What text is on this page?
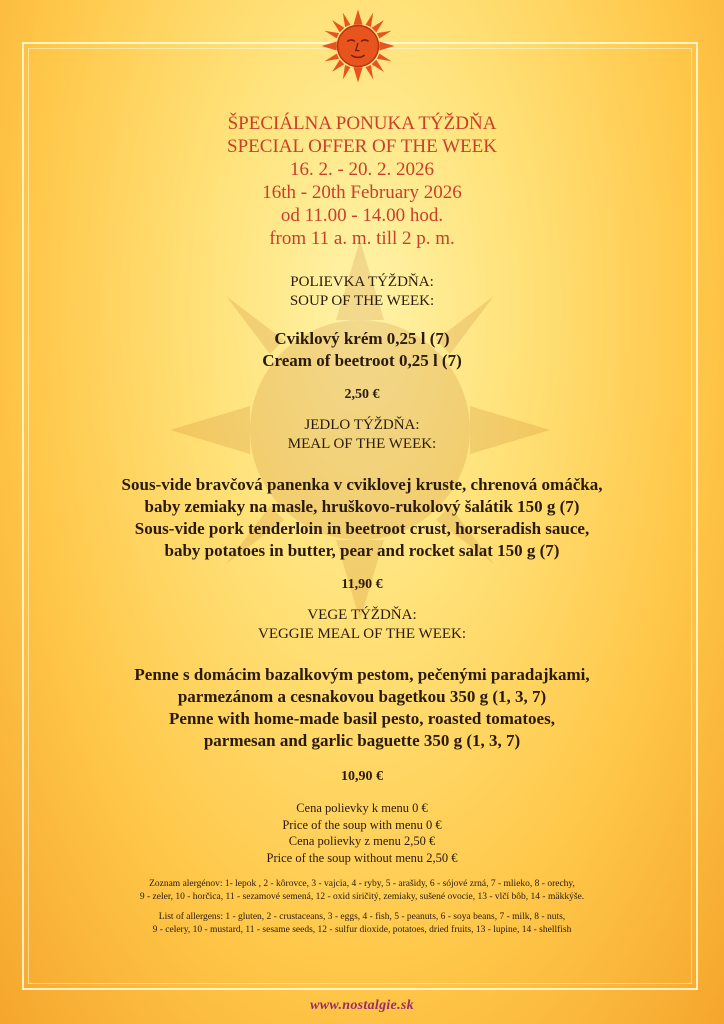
ŠPECIÁLNA PONUKA TÝŽDŇA
SPECIAL OFFER OF THE WEEK
16. 2. - 20. 2. 2026
16th - 20th February 2026
od 11.00 - 14.00 hod.
from 11 a. m. till 2 p. m.
POLIEVKA TÝŽDŇA:
SOUP OF THE WEEK:
Cviklový krém 0,25 l (7)
Cream of beetroot 0,25 l (7)
2,50 €
JEDLO TÝŽDŇA:
MEAL OF THE WEEK:
Sous-vide bravčová panenka v cviklovej kruste, chrenová omáčka,
baby zemiaky na masle, hruškovo-rukolový šalátik 150 g (7)
Sous-vide pork tenderloin in beetroot crust, horseradish sauce,
baby potatoes in butter, pear and rocket salat 150 g (7)
11,90 €
VEGE TÝŽDŇA:
VEGGIE MEAL OF THE WEEK:
Penne s domácim bazalkovým pestom, pečenými paradajkami,
parmezánom a cesnakovou bagetkou 350 g (1, 3, 7)
Penne with home-made basil pesto, roasted tomatoes,
parmesan and garlic baguette 350 g (1, 3, 7)
10,90 €
Cena polievky k menu 0 €
Price of the soup with menu 0 €
Cena polievky z menu 2,50 €
Price of the soup without menu 2,50 €
Zoznam alergénov: 1- lepok , 2 - kôrovce, 3 - vajcia, 4 - ryby, 5 - arašidy, 6 - sójové zrná, 7 - mlieko, 8 - orechy,
9 - zeler, 10 - horčica, 11 - sezamové semená, 12 - oxid siričitý, zemiaky, sušené ovocie, 13 - vlčí bôb, 14 - mäkkýše.
List of allergens: 1 - gluten, 2 - crustaceans, 3 - eggs, 4 - fish, 5 - peanuts, 6 - soya beans, 7 - milk, 8 - nuts,
9 - celery, 10 - mustard, 11 - sesame seeds, 12 - sulfur dioxide, potatoes, dried fruits, 13 - lupine, 14 - shellfish
www.nostalgie.sk
